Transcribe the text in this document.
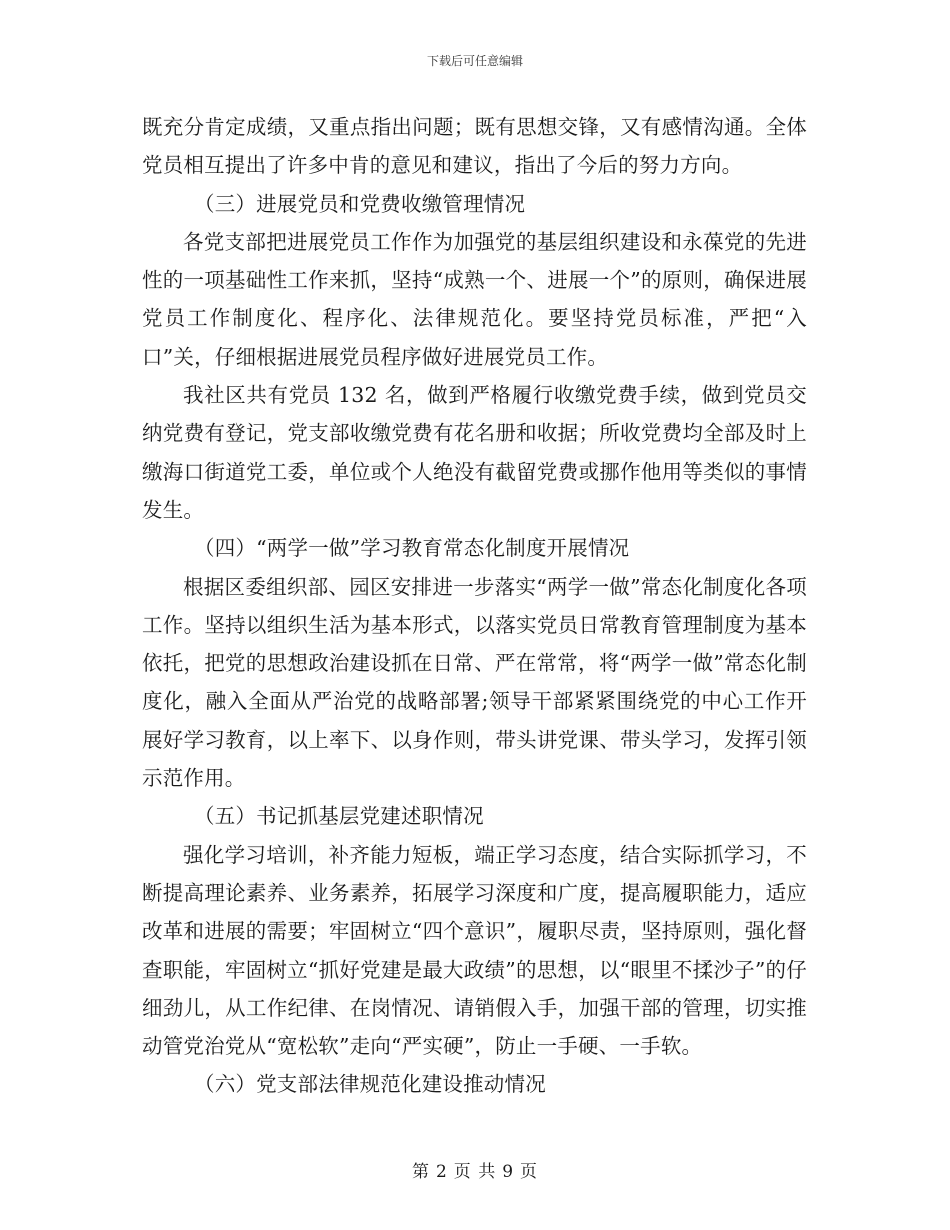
下载后可任意编辑

既充分肯定成绩，又重点指出问题；既有思想交锋，又有感情沟通。全体党员相互提出了许多中肯的意见和建议，指出了今后的努力方向。

（三）进展党员和党费收缴管理情况

各党支部把进展党员工作作为加强党的基层组织建设和永葆党的先进性的一项基础性工作来抓，坚持“成熟一个、进展一个”的原则，确保进展党员工作制度化、程序化、法律规范化。要坚持党员标准，严把“入口”关，仔细根据进展党员程序做好进展党员工作。

我社区共有党员 132 名，做到严格履行收缴党费手续，做到党员交纳党费有登记，党支部收缴党费有花名册和收据；所收党费均全部及时上缴海口街道党工委，单位或个人绝没有截留党费或挪作他用等类似的事情发生。

（四）“两学一做”学习教育常态化制度开展情况

根据区委组织部、园区安排进一步落实“两学一做”常态化制度化各项工作。坚持以组织生活为基本形式，以落实党员日常教育管理制度为基本依托，把党的思想政治建设抓在日常、严在常常，将“两学一做”常态化制度化，融入全面从严治党的战略部署;领导干部紧紧围绕党的中心工作开展好学习教育，以上率下、以身作则，带头讲党课、带头学习，发挥引领示范作用。

（五）书记抓基层党建述职情况

强化学习培训，补齐能力短板，端正学习态度，结合实际抓学习，不断提高理论素养、业务素养，拓展学习深度和广度，提高履职能力，适应改革和进展的需要；牢固树立“四个意识”，履职尽责，坚持原则，强化督查职能，牢固树立“抓好党建是最大政绩”的思想，以“眼里不揉沙子”的仔细劲儿，从工作纪律、在岗情况、请销假入手，加强干部的管理，切实推动管党治党从“宽松软”走向“严实硬”，防止一手硬、一手软。

（六）党支部法律规范化建设推动情况

第 2 页 共 9 页
